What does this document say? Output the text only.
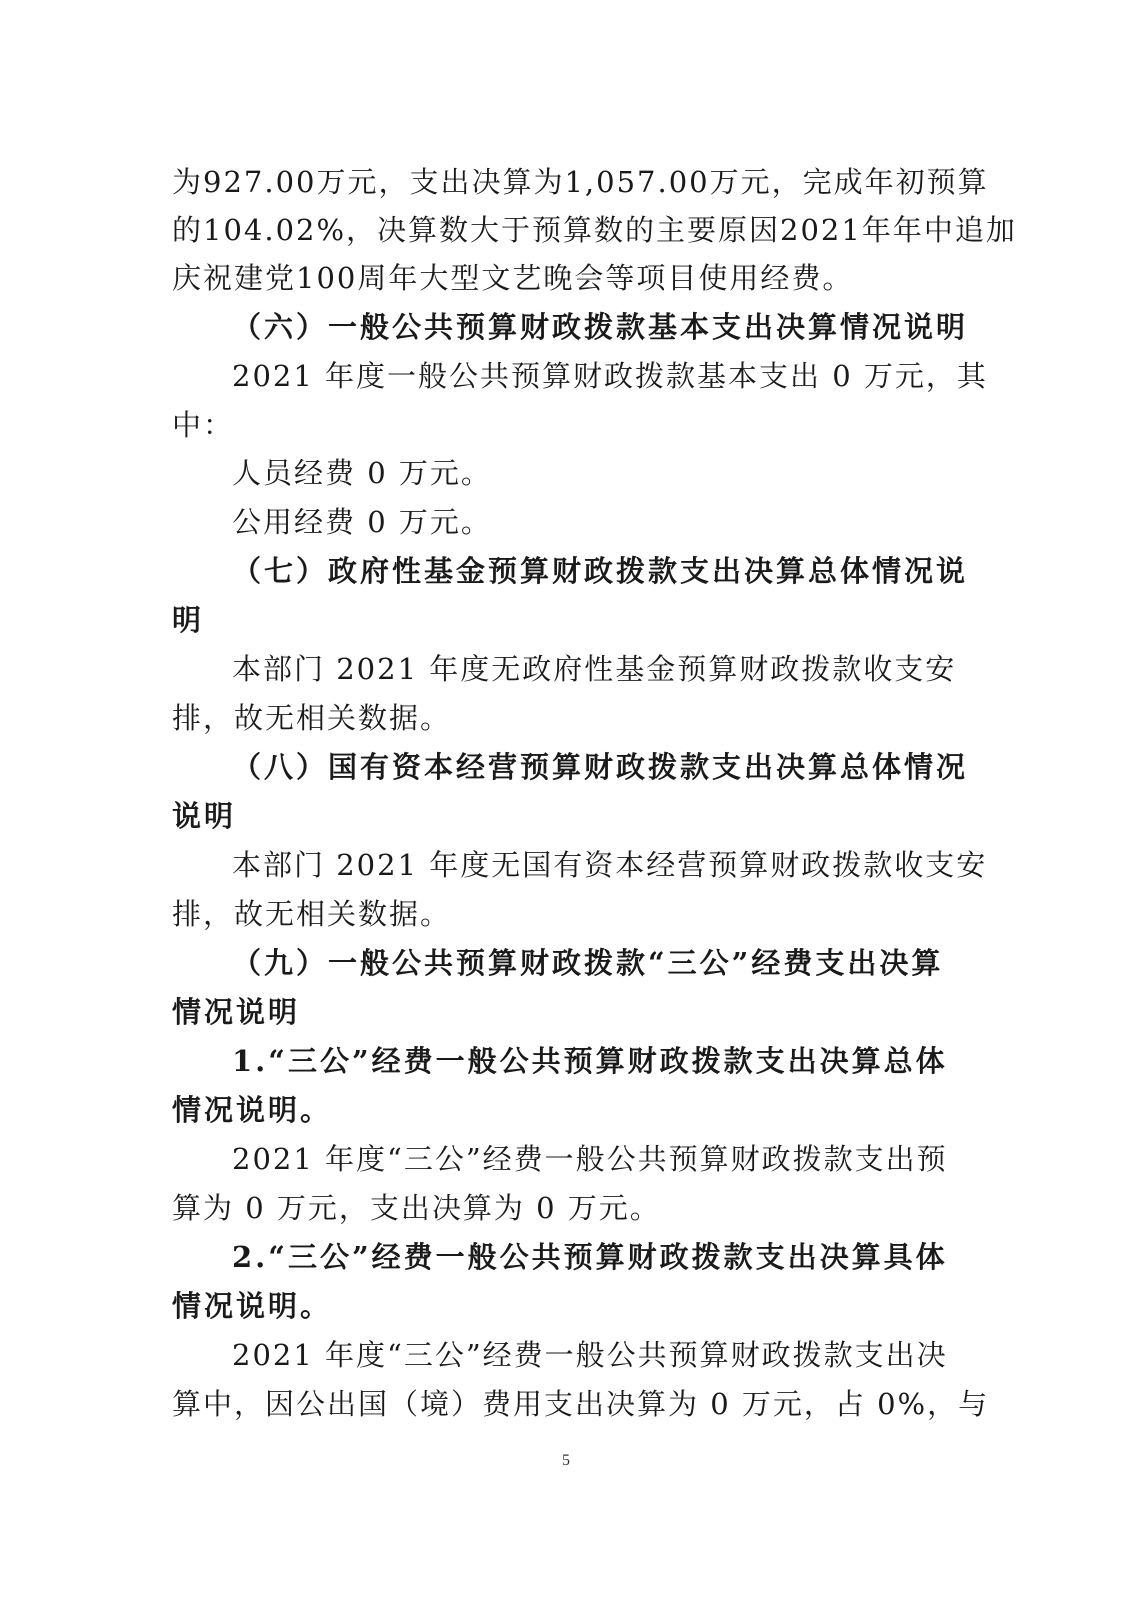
为927.00万元，支出决算为1,057.00万元，完成年初预算
的104.02%，决算数大于预算数的主要原因2021年年中追加
庆祝建党100周年大型文艺晚会等项目使用经费。
（六）一般公共预算财政拨款基本支出决算情况说明
2021 年度一般公共预算财政拨款基本支出 0 万元，其
中：
人员经费 0 万元。
公用经费 0 万元。
（七）政府性基金预算财政拨款支出决算总体情况说
明
本部门 2021 年度无政府性基金预算财政拨款收支安
排，故无相关数据。
（八）国有资本经营预算财政拨款支出决算总体情况
说明
本部门 2021 年度无国有资本经营预算财政拨款收支安
排，故无相关数据。
（九）一般公共预算财政拨款“三公”经费支出决算
情况说明
1.“三公”经费一般公共预算财政拨款支出决算总体
情况说明。
2021 年度“三公”经费一般公共预算财政拨款支出预
算为 0 万元，支出决算为 0 万元。
2.“三公”经费一般公共预算财政拨款支出决算具体
情况说明。
2021 年度“三公”经费一般公共预算财政拨款支出决
算中，因公出国（境）费用支出决算为 0 万元，占 0%，与
5
